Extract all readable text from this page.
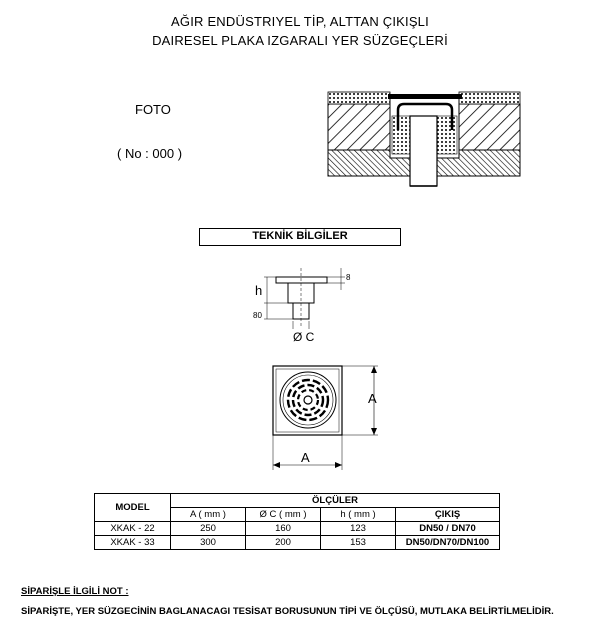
AĞIR ENDÜSTRIYEL TİP, ALTTAN ÇIKIŞLI
DAIRESEL PLAKA IZGARALI YER SÜZGEÇLERİ
FOTO
( No : 000 )
8
h
80
Ø C
A
A
TEKNİK BİLGİLER
MODEL	ÖLÇÜLER			
	A ( mm )	Ø C ( mm )	h ( mm )	ÇIKIŞ
XKAK - 22	250	160	123	DN50 / DN70
XKAK - 33	300	200	153	DN50/DN70/DN100
SİPARİŞLE İLGİLİ NOT :
SİPARİŞTE, YER SÜZGECİNİN BAGLANACAGI TESİSAT BORUSUNUN TİPİ VE ÖLÇÜSÜ, MUTLAKA BELİRTİLMELİDİR.
